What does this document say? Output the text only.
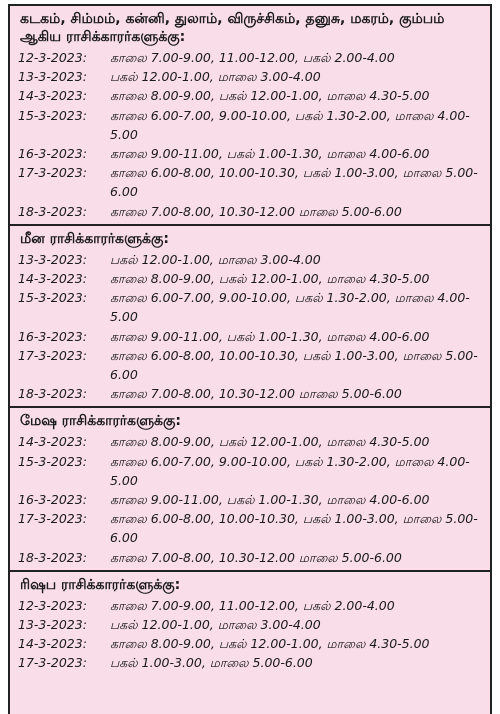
கடகம், சிம்மம், கன்னி, துலாம், விருச்சிகம், தனுசு, மகரம், கும்பம் ஆகிய ராசிக்காரர்களுக்கு:
12-3-2023:	காலை 7.00-9.00, 11.00-12.00, பகல் 2.00-4.00
13-3-2023:	பகல் 12.00-1.00, மாலை 3.00-4.00
14-3-2023:	காலை 8.00-9.00, பகல் 12.00-1.00, மாலை 4.30-5.00
15-3-2023:	காலை 6.00-7.00, 9.00-10.00, பகல் 1.30-2.00, மாலை 4.00-5.00
16-3-2023:	காலை 9.00-11.00, பகல் 1.00-1.30, மாலை 4.00-6.00
17-3-2023:	காலை 6.00-8.00, 10.00-10.30, பகல் 1.00-3.00, மாலை 5.00-6.00
18-3-2023:	காலை 7.00-8.00, 10.30-12.00 மாலை 5.00-6.00
மீன ராசிக்காரர்களுக்கு:
13-3-2023:	பகல் 12.00-1.00, மாலை 3.00-4.00
14-3-2023:	காலை 8.00-9.00, பகல் 12.00-1.00, மாலை 4.30-5.00
15-3-2023:	காலை 6.00-7.00, 9.00-10.00, பகல் 1.30-2.00, மாலை 4.00-5.00
16-3-2023:	காலை 9.00-11.00, பகல் 1.00-1.30, மாலை 4.00-6.00
17-3-2023:	காலை 6.00-8.00, 10.00-10.30, பகல் 1.00-3.00, மாலை 5.00-6.00
18-3-2023:	காலை 7.00-8.00, 10.30-12.00 மாலை 5.00-6.00
மேஷ ராசிக்காரர்களுக்கு:
14-3-2023:	காலை 8.00-9.00, பகல் 12.00-1.00, மாலை 4.30-5.00
15-3-2023:	காலை 6.00-7.00, 9.00-10.00, பகல் 1.30-2.00, மாலை 4.00-5.00
16-3-2023:	காலை 9.00-11.00, பகல் 1.00-1.30, மாலை 4.00-6.00
17-3-2023:	காலை 6.00-8.00, 10.00-10.30, பகல் 1.00-3.00, மாலை 5.00-6.00
18-3-2023:	காலை 7.00-8.00, 10.30-12.00 மாலை 5.00-6.00
ரிஷப ராசிக்காரர்களுக்கு:
12-3-2023:	காலை 7.00-9.00, 11.00-12.00, பகல் 2.00-4.00
13-3-2023:	பகல் 12.00-1.00, மாலை 3.00-4.00
14-3-2023:	காலை 8.00-9.00, பகல் 12.00-1.00, மாலை 4.30-5.00
17-3-2023:	பகல் 1.00-3.00, மாலை 5.00-6.00
